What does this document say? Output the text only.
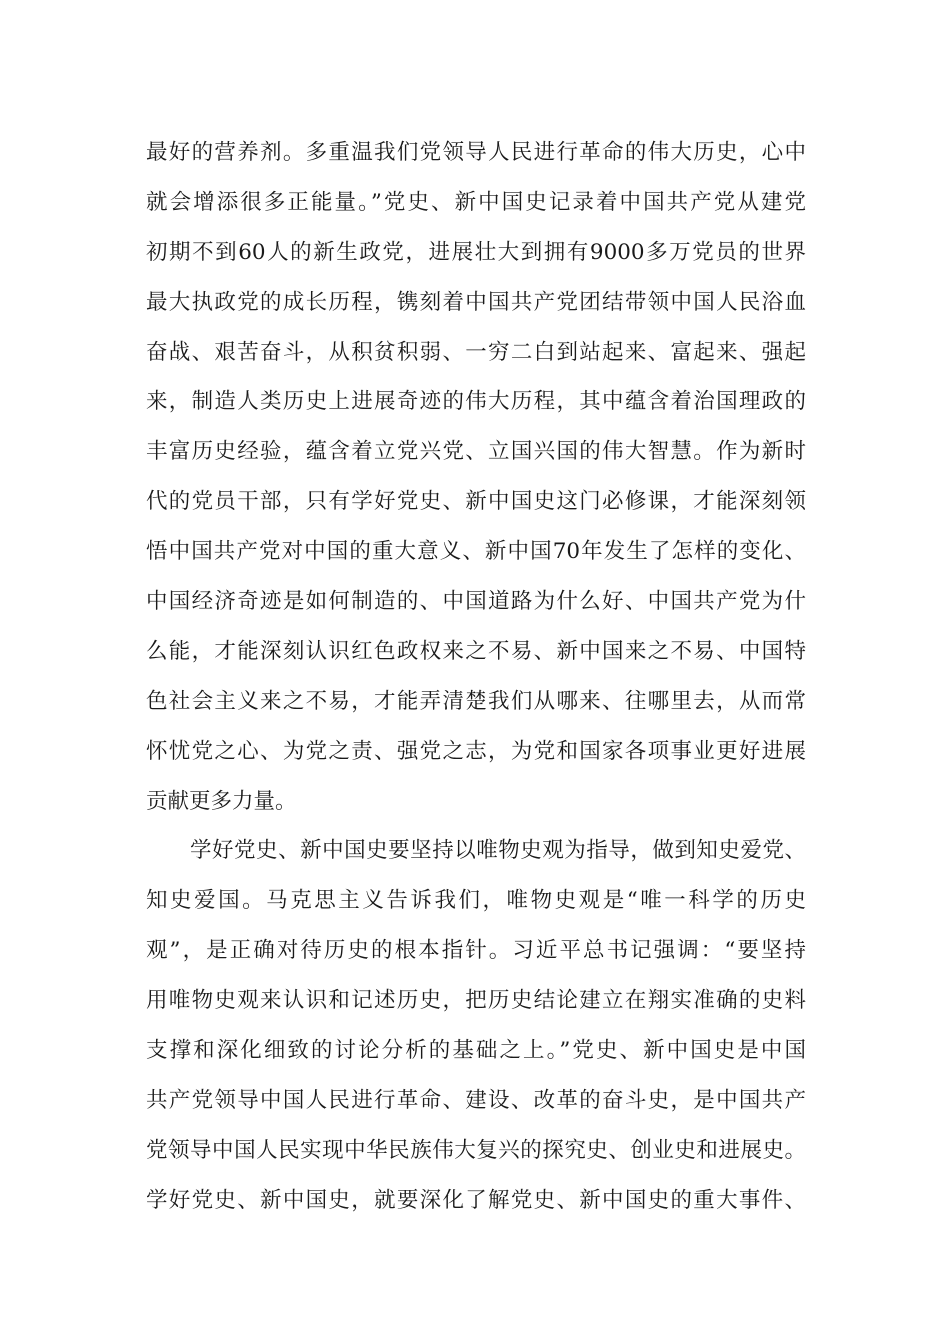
最好的营养剂。多重温我们党领导人民进行革命的伟大历史，心中
就会增添很多正能量。”党史、新中国史记录着中国共产党从建党
初期不到60人的新生政党，进展壮大到拥有9000多万党员的世界
最大执政党的成长历程，镌刻着中国共产党团结带领中国人民浴血
奋战、艰苦奋斗，从积贫积弱、一穷二白到站起来、富起来、强起
来，制造人类历史上进展奇迹的伟大历程，其中蕴含着治国理政的
丰富历史经验，蕴含着立党兴党、立国兴国的伟大智慧。作为新时
代的党员干部，只有学好党史、新中国史这门必修课，才能深刻领
悟中国共产党对中国的重大意义、新中国70年发生了怎样的变化、
中国经济奇迹是如何制造的、中国道路为什么好、中国共产党为什
么能，才能深刻认识红色政权来之不易、新中国来之不易、中国特
色社会主义来之不易，才能弄清楚我们从哪来、往哪里去，从而常
怀忧党之心、为党之责、强党之志，为党和国家各项事业更好进展
贡献更多力量。
学好党史、新中国史要坚持以唯物史观为指导，做到知史爱党、
知史爱国。马克思主义告诉我们，唯物史观是“唯一科学的历史
观”，是正确对待历史的根本指针。习近平总书记强调：“要坚持
用唯物史观来认识和记述历史，把历史结论建立在翔实准确的史料
支撑和深化细致的讨论分析的基础之上。”党史、新中国史是中国
共产党领导中国人民进行革命、建设、改革的奋斗史，是中国共产
党领导中国人民实现中华民族伟大复兴的探究史、创业史和进展史。
学好党史、新中国史，就要深化了解党史、新中国史的重大事件、
